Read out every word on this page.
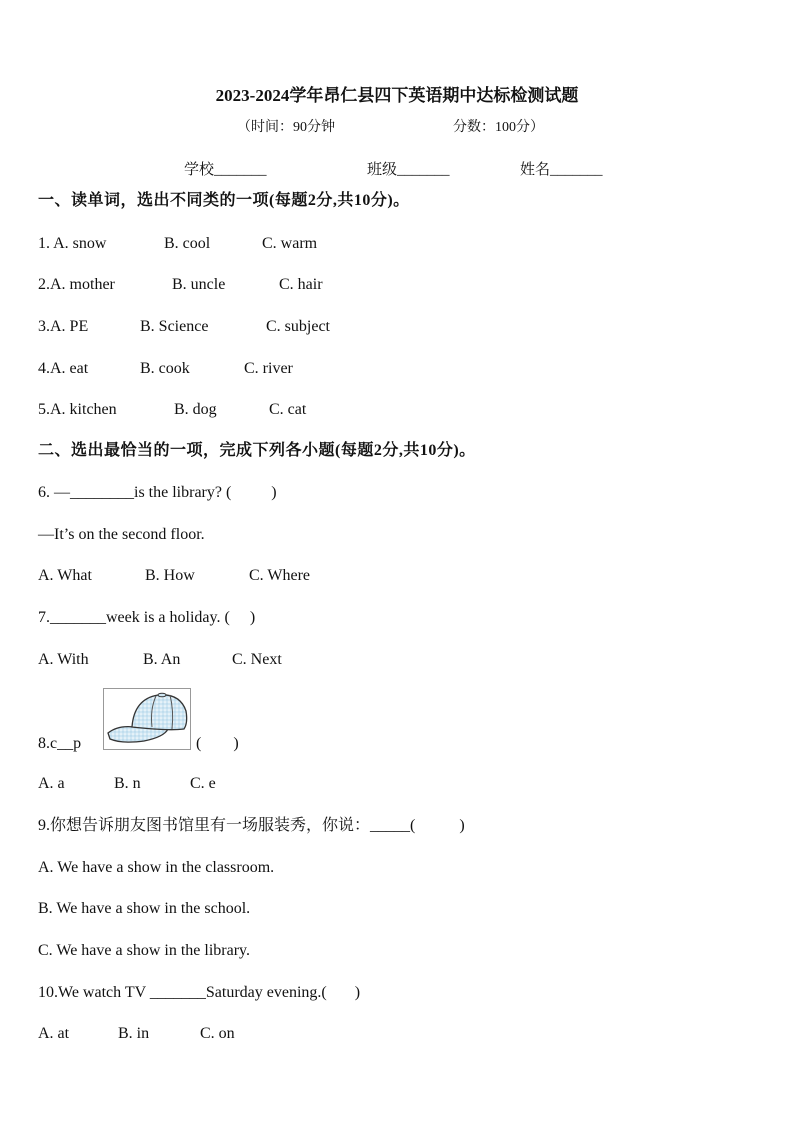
2023-2024学年昂仁县四下英语期中达标检测试题
（时间：90分钟	分数：100分）
学校_______	班级_______	姓名_______
一、读单词，选出不同类的一项(每题2分,共10分)。

1. A. snow

	B. cool

	C. warm

2.A. mother

	B. uncle

	C. hair

3.A. PE

	B. Science

	C. subject

4.A. eat

	B. cook

	C. river

5.A. kitchen

	B. dog

	C. cat

二、选出最恰当的一项，完成下列各小题(每题2分,共10分)。
6. —________is the library? (          )
—It’s on the second floor.

A. What

	B. How

	C. Where

7._______week is a holiday. (     )

A. With

	B. An

	C. Next

8.c__p	(        )

A. a

	B. n

	C. e

9.你想告诉朋友图书馆里有一场服装秀，你说：_____(           )
A. We have a show in the classroom.
B. We have a show in the school.
C. We have a show in the library.
10.We watch TV _______Saturday evening.(       )

A. at

	B. in

	C. on
